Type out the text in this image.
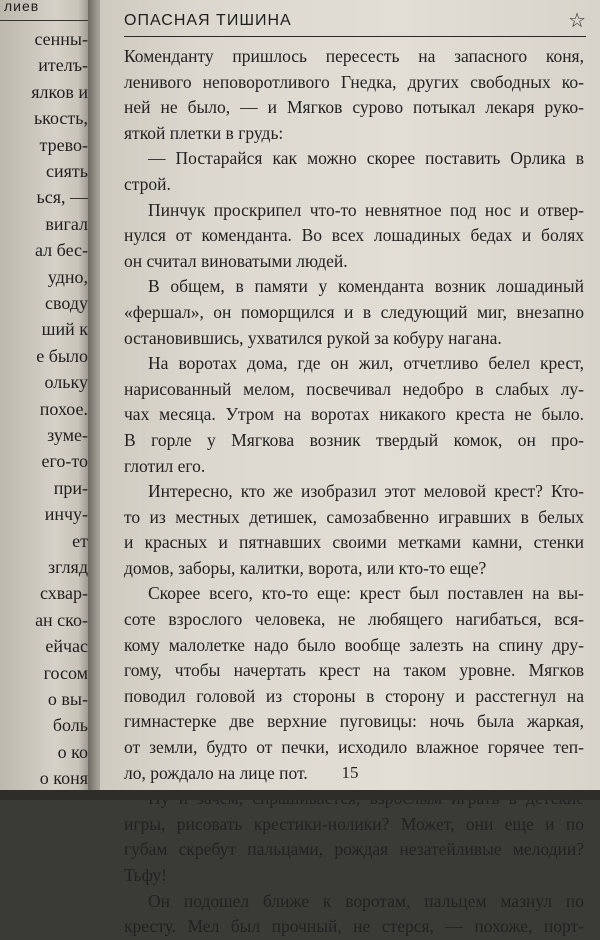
лиев
сенны-
ителъ-
ялков и
ькость,
трево-
сиять
ься, —
вигал
ал бес-
удно,
своду
ший к
е было
ольку
похое.
зуме-
его-то
при-
инчу-
ет
згляд
схвар-
ан ско-
ейчас
госом
о вы-
боль
о ко
о коня
ОПАСНАЯ ТИШИНА	☆
Коменданту пришлось пересесть на запасного коня,
ленивого неповоротливого Гнедка, других свободных ко-
ней не было, — и Мягков сурово потыкал лекаря руко-
яткой плетки в грудь:
— Постарайся как можно скорее поставить Орлика в
строй.
Пинчук проскрипел что-то невнятное под нос и отвер-
нулся от коменданта. Во всех лошадиных бедах и болях
он считал виноватыми людей.
В общем, в памяти у коменданта возник лошадиный
«фершал», он поморщился и в следующий миг, внезапно
остановившись, ухватился рукой за кобуру нагана.
На воротах дома, где он жил, отчетливо белел крест,
нарисованный мелом, посвечивал недобро в слабых лу-
чах месяца. Утром на воротах никакого креста не было.
В горле у Мягкова возник твердый комок, он про-
глотил его.
Интересно, кто же изобразил этот меловой крест? Кто-
то из местных детишек, самозабвенно игравших в белых
и красных и пятнавших своими метками камни, стенки
домов, заборы, калитки, ворота, или кто-то еще?
Скорее всего, кто-то еще: крест был поставлен на вы-
соте взрослого человека, не любящего нагибаться, вся-
кому малолетке надо было вообще залезть на спину дру-
гому, чтобы начертать крест на таком уровне. Мягков
поводил головой из стороны в сторону и расстегнул на
гимнастерке две верхние пуговицы: ночь была жаркая,
от земли, будто от печки, исходило влажное горячее теп-
ло, рождало на лице пот.
игры, рисовать крестики-нолики? Может, они еще и по
губам скребут пальцами, рождая незатейливые мелодии?
Тьфу!
Он подошел ближе к воротам, пальцем мазнул по
кресту. Мел был прочный, не стерся, — похоже, порт-
15
